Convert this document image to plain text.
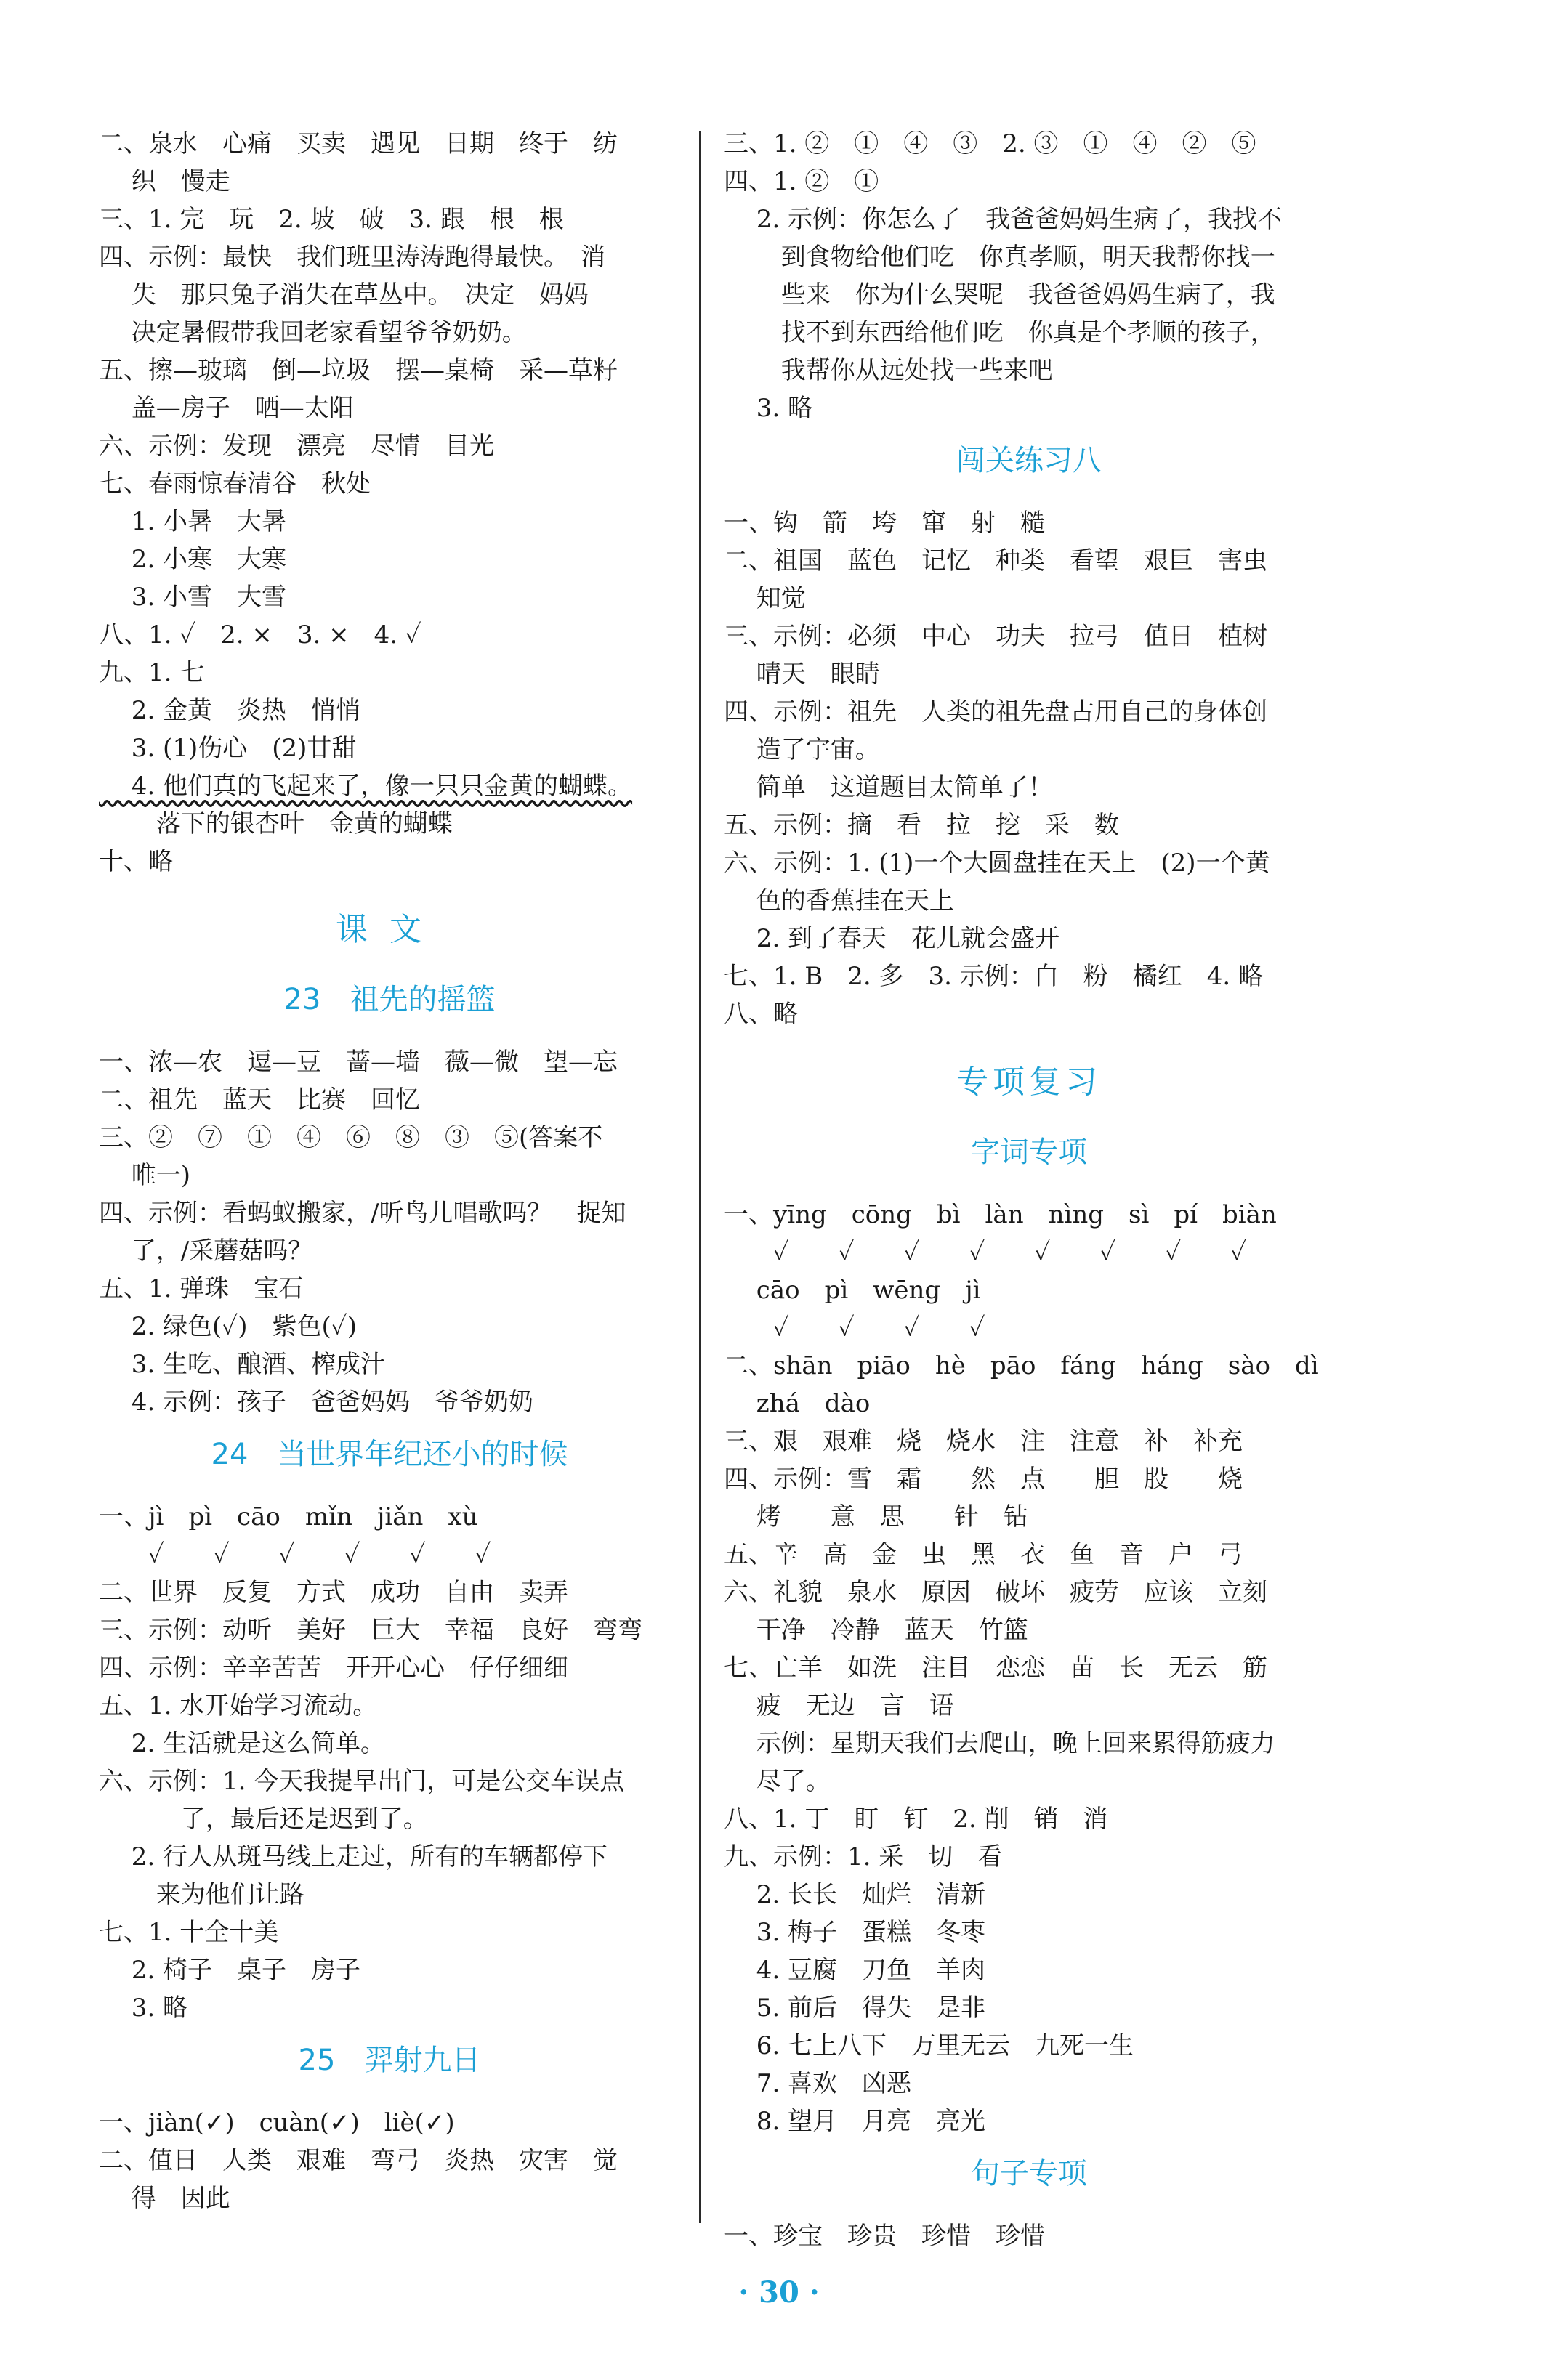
二、泉水　心痛　买卖　遇见　日期　终于　纺
　 织　慢走
三、1. 完　玩　2. 坡　破　3. 跟　根　根
四、示例：最快　我们班里涛涛跑得最快。　消
　 失　那只兔子消失在草丛中。　决定　妈妈
　 决定暑假带我回老家看望爷爷奶奶。
五、擦—玻璃　倒—垃圾　摆—桌椅　采—草籽
　 盖—房子　晒—太阳
六、示例：发现　漂亮　尽情　目光
七、春雨惊春清谷　秋处
　 1. 小暑　大暑
　 2. 小寒　大寒
　 3. 小雪　大雪
八、1. ✓　2. ×　3. ×　4. ✓
九、1. 七
　 2. 金黄　炎热　悄悄
　 3. (1)伤心　(2)甘甜
　 4. 他们真的飞起来了，像一只只金黄的蝴蝶。
　　 落下的银杏叶　金黄的蝴蝶
十、略
课文
23　祖先的摇篮
一、浓—农　逗—豆　蔷—墙　薇—微　望—忘
二、祖先　蓝天　比赛　回忆
三、②　⑦　①　④　⑥　⑧　③　⑤(答案不
　 唯一)
四、示例：看蚂蚁搬家，/听鸟儿唱歌吗？　捉知
　 了，/采蘑菇吗？
五、1. 弹珠　宝石
　 2. 绿色(✓)　紫色(✓)
　 3. 生吃、酿酒、榨成汁
　 4. 示例：孩子　爸爸妈妈　爷爷奶奶
24　当世界年纪还小的时候
一、jì　pì　cāo　mǐn　jiǎn　xù
　　✓　　✓　　✓　　✓　　✓　　✓
二、世界　反复　方式　成功　自由　卖弄
三、示例：动听　美好　巨大　幸福　良好　弯弯
四、示例：辛辛苦苦　开开心心　仔仔细细
五、1. 水开始学习流动。
　 2. 生活就是这么简单。
六、示例：1. 今天我提早出门，可是公交车误点
　　　 了，最后还是迟到了。
　 2. 行人从斑马线上走过，所有的车辆都停下
　　 来为他们让路
七、1. 十全十美
　 2. 椅子　桌子　房子
　 3. 略
25　羿射九日
一、jiàn(✓)　cuàn(✓)　liè(✓)
二、值日　人类　艰难　弯弓　炎热　灾害　觉
　 得　因此
三、1. ②　①　④　③　2. ③　①　④　②　⑤
四、1. ②　①
　 2. 示例：你怎么了　我爸爸妈妈生病了，我找不
　　 到食物给他们吃　你真孝顺，明天我帮你找一
　　 些来　你为什么哭呢　我爸爸妈妈生病了，我
　　 找不到东西给他们吃　你真是个孝顺的孩子，
　　 我帮你从远处找一些来吧
　 3. 略
闯关练习八
一、钩　箭　垮　窜　射　糙
二、祖国　蓝色　记忆　种类　看望　艰巨　害虫
　 知觉
三、示例：必须　中心　功夫　拉弓　值日　植树
　 晴天　眼睛
四、示例：祖先　人类的祖先盘古用自己的身体创
　 造了宇宙。
　 简单　这道题目太简单了！
五、示例：摘　看　拉　挖　采　数
六、示例：1. (1)一个大圆盘挂在天上　(2)一个黄
　 色的香蕉挂在天上
　 2. 到了春天　花儿就会盛开
七、1. B　2. 多　3. 示例：白　粉　橘红　4. 略
八、略
专项复习
字词专项
一、yīng　cōng　bì　làn　nìng　sì　pí　biàn
　　✓　　✓　　✓　　✓　　✓　　✓　　✓　　✓
　 cāo　pì　wēng　jì
　　✓　　✓　　✓　　✓
二、shān　piāo　hè　pāo　fáng　háng　sào　dì
　 zhá　dào
三、艰　艰难　烧　烧水　注　注意　补　补充
四、示例：雪　霜　　然　点　　胆　股　　烧
　 烤　　意　思　　针　钻
五、辛　高　金　虫　黑　衣　鱼　音　户　弓
六、礼貌　泉水　原因　破坏　疲劳　应该　立刻
　 干净　冷静　蓝天　竹篮
七、亡羊　如洗　注目　恋恋　苗　长　无云　筋
　 疲　无边　言　语
　 示例：星期天我们去爬山，晚上回来累得筋疲力
　 尽了。
八、1. 丁　盯　钉　2. 削　销　消
九、示例：1. 采　切　看
　 2. 长长　灿烂　清新
　 3. 梅子　蛋糕　冬枣
　 4. 豆腐　刀鱼　羊肉
　 5. 前后　得失　是非
　 6. 七上八下　万里无云　九死一生
　 7. 喜欢　凶恶
　 8. 望月　月亮　亮光
句子专项
一、珍宝　珍贵　珍惜　珍惜
· 30 ·
